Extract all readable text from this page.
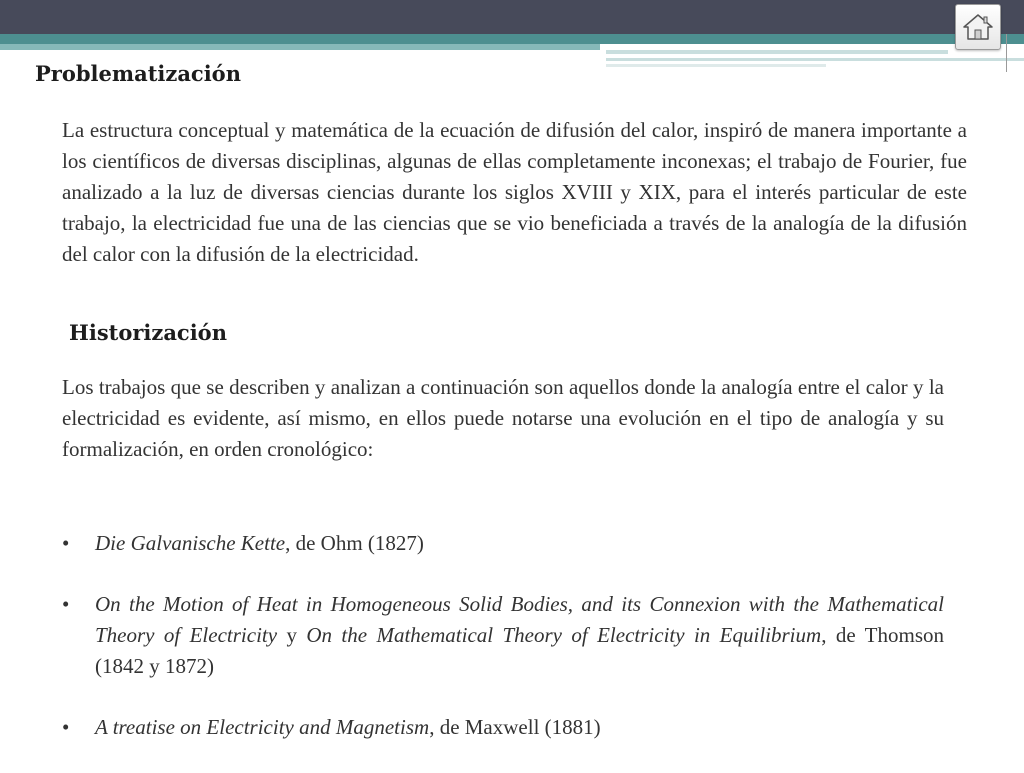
Problematización
La estructura conceptual y matemática de la ecuación de difusión del calor, inspiró de manera importante a los científicos de diversas disciplinas, algunas de ellas completamente inconexas; el trabajo de Fourier, fue analizado a la luz de diversas ciencias durante los siglos XVIII y XIX, para el interés particular de este trabajo, la electricidad fue una de las ciencias que se vio beneficiada a través de la analogía de la difusión del calor con la difusión de la electricidad.
Historización
Los trabajos que se describen y analizan a continuación son aquellos donde la analogía entre el calor y la electricidad es evidente, así mismo, en ellos puede notarse una evolución en el tipo de analogía y su formalización, en orden cronológico:
• Die Galvanische Kette, de Ohm (1827)
• On the Motion of Heat in Homogeneous Solid Bodies, and its Connexion with the Mathematical Theory of Electricity y On the Mathematical Theory of Electricity in Equilibrium, de Thomson (1842 y 1872)
• A treatise on Electricity and Magnetism, de Maxwell (1881)
